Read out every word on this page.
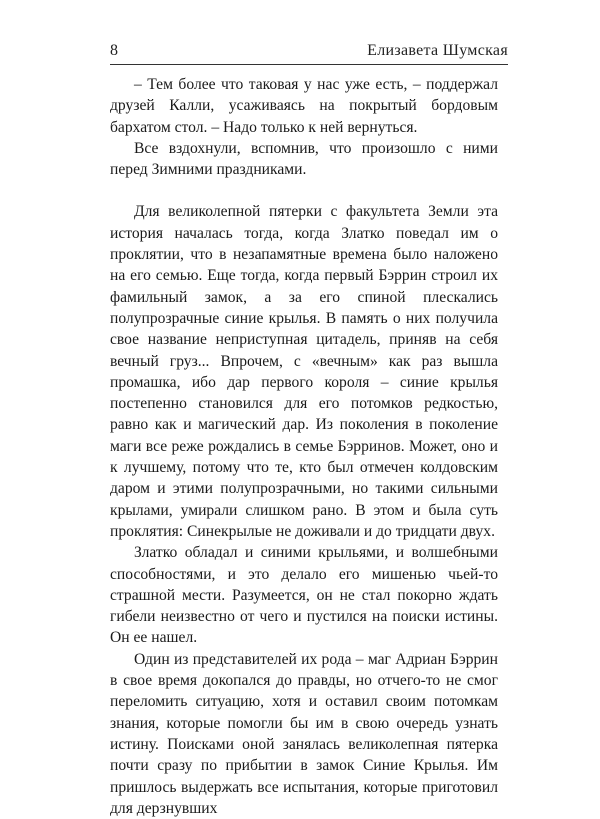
8	Елизавета Шумская

– Тем более что таковая у нас уже есть, – поддержал друзей Калли, усаживаясь на покрытый бордовым бархатом стол. – Надо только к ней вернуться.

Все вздохнули, вспомнив, что произошло с ними перед Зимними праздниками.

Для великолепной пятерки с факультета Земли эта история началась тогда, когда Златко поведал им о проклятии, что в незапамятные времена было наложено на его семью. Еще тогда, когда первый Бэррин строил их фамильный замок, а за его спиной плескались полупрозрачные синие крылья. В память о них получила свое название неприступная цитадель, приняв на себя вечный груз... Впрочем, с «вечным» как раз вышла промашка, ибо дар первого короля – синие крылья постепенно становился для его потомков редкостью, равно как и магический дар. Из поколения в поколение маги все реже рождались в семье Бэрринов. Может, оно и к лучшему, потому что те, кто был отмечен колдовским даром и этими полупрозрачными, но такими сильными крылами, умирали слишком рано. В этом и была суть проклятия: Синекрылые не доживали и до тридцати двух.

Златко обладал и синими крыльями, и волшебными способностями, и это делало его мишенью чьей-то страшной мести. Разумеется, он не стал покорно ждать гибели неизвестно от чего и пустился на поиски истины. Он ее нашел.

Один из представителей их рода – маг Адриан Бэррин в свое время докопался до правды, но отчего-то не смог переломить ситуацию, хотя и оставил своим потомкам знания, которые помогли бы им в свою очередь узнать истину. Поисками оной занялась великолепная пятерка почти сразу по прибытии в замок Синие Крылья. Им пришлось выдержать все испытания, которые приготовил для дерзнувших
